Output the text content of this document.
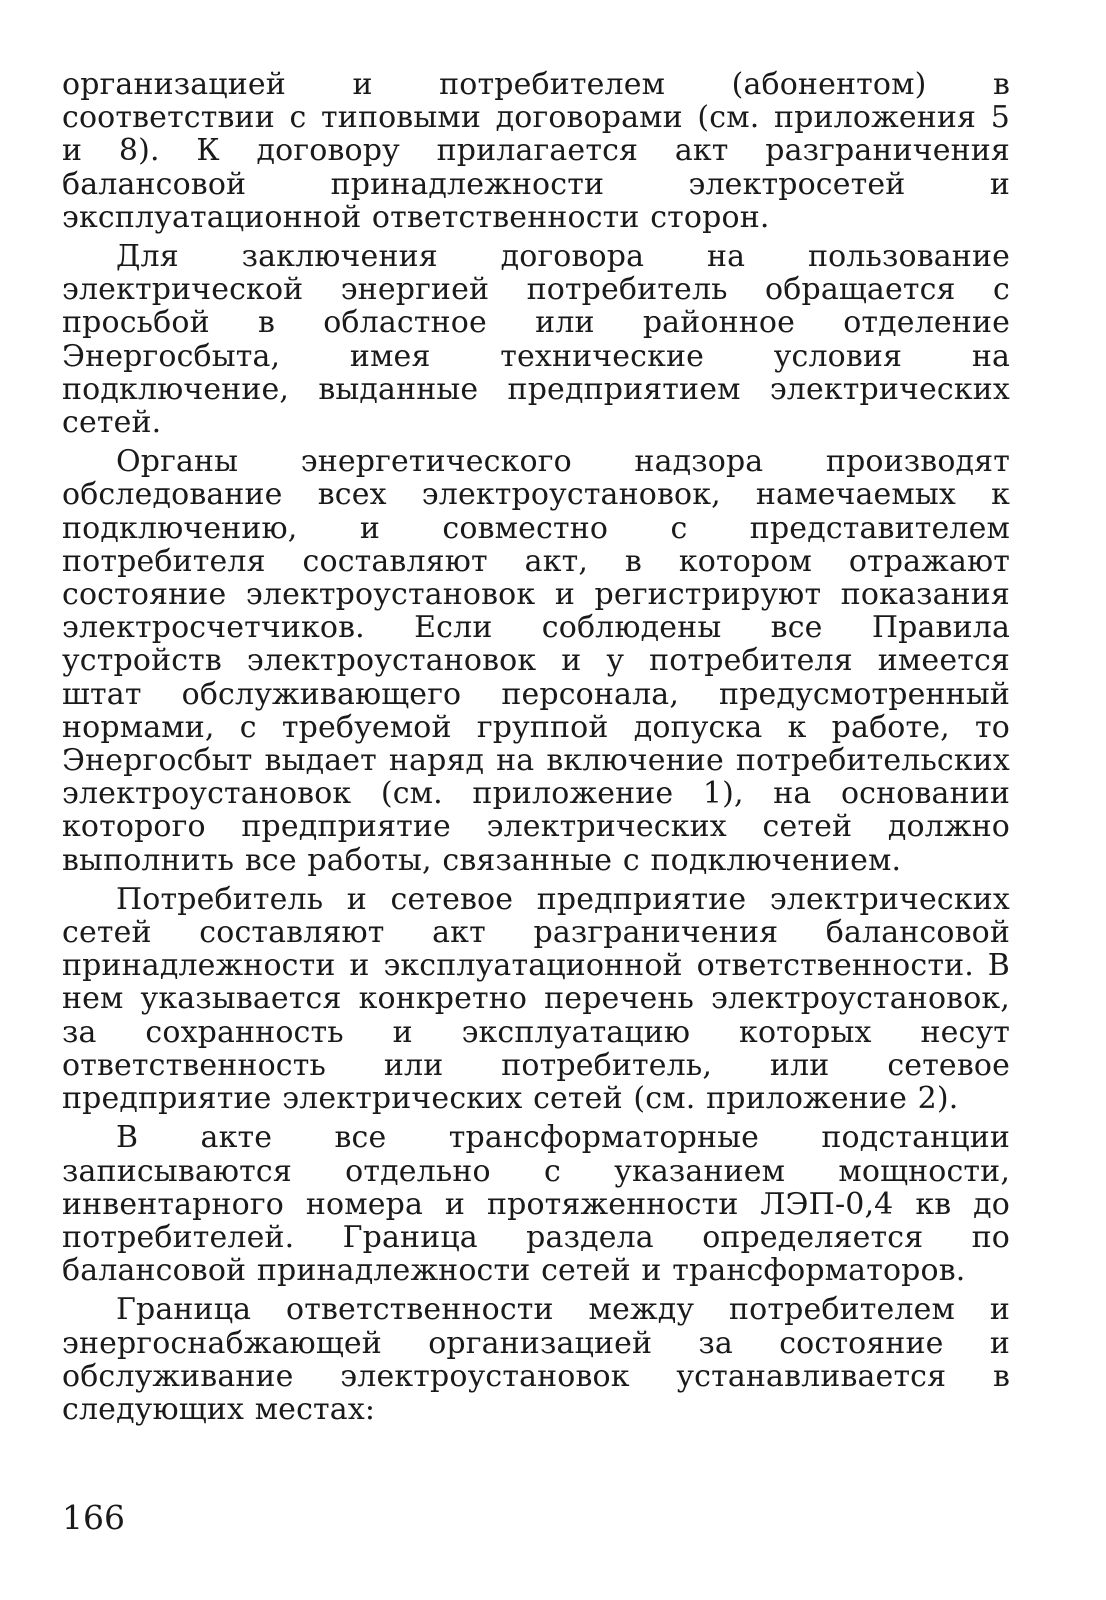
организацией и потребителем (абонентом) в соответствии с типовыми договорами (см. приложения 5 и 8). К договору прилагается акт разграничения балансовой принадлежности электросетей и эксплуатационной ответственности сторон.

Для заключения договора на пользование электрической энергией потребитель обращается с просьбой в областное или районное отделение Энергосбыта, имея технические условия на подключение, выданные предприятием электрических сетей.

Органы энергетического надзора производят обследование всех электроустановок, намечаемых к подключению, и совместно с представителем потребителя составляют акт, в котором отражают состояние электроустановок и регистрируют показания электросчетчиков. Если соблюдены все Правила устройств электроустановок и у потребителя имеется штат обслуживающего персонала, предусмотренный нормами, с требуемой группой допуска к работе, то Энергосбыт выдает наряд на включение потребительских электроустановок (см. приложение 1), на основании которого предприятие электрических сетей должно выполнить все работы, связанные с подключением.

Потребитель и сетевое предприятие электрических сетей составляют акт разграничения балансовой принадлежности и эксплуатационной ответственности. В нем указывается конкретно перечень электроустановок, за сохранность и эксплуатацию которых несут ответственность или потребитель, или сетевое предприятие электрических сетей (см. приложение 2).

В акте все трансформаторные подстанции записываются отдельно с указанием мощности, инвентарного номера и протяженности ЛЭП-0,4 кв до потребителей. Граница раздела определяется по балансовой принадлежности сетей и трансформаторов.

Граница ответственности между потребителем и энергоснабжающей организацией за состояние и обслуживание электроустановок устанавливается в следующих местах:

166
